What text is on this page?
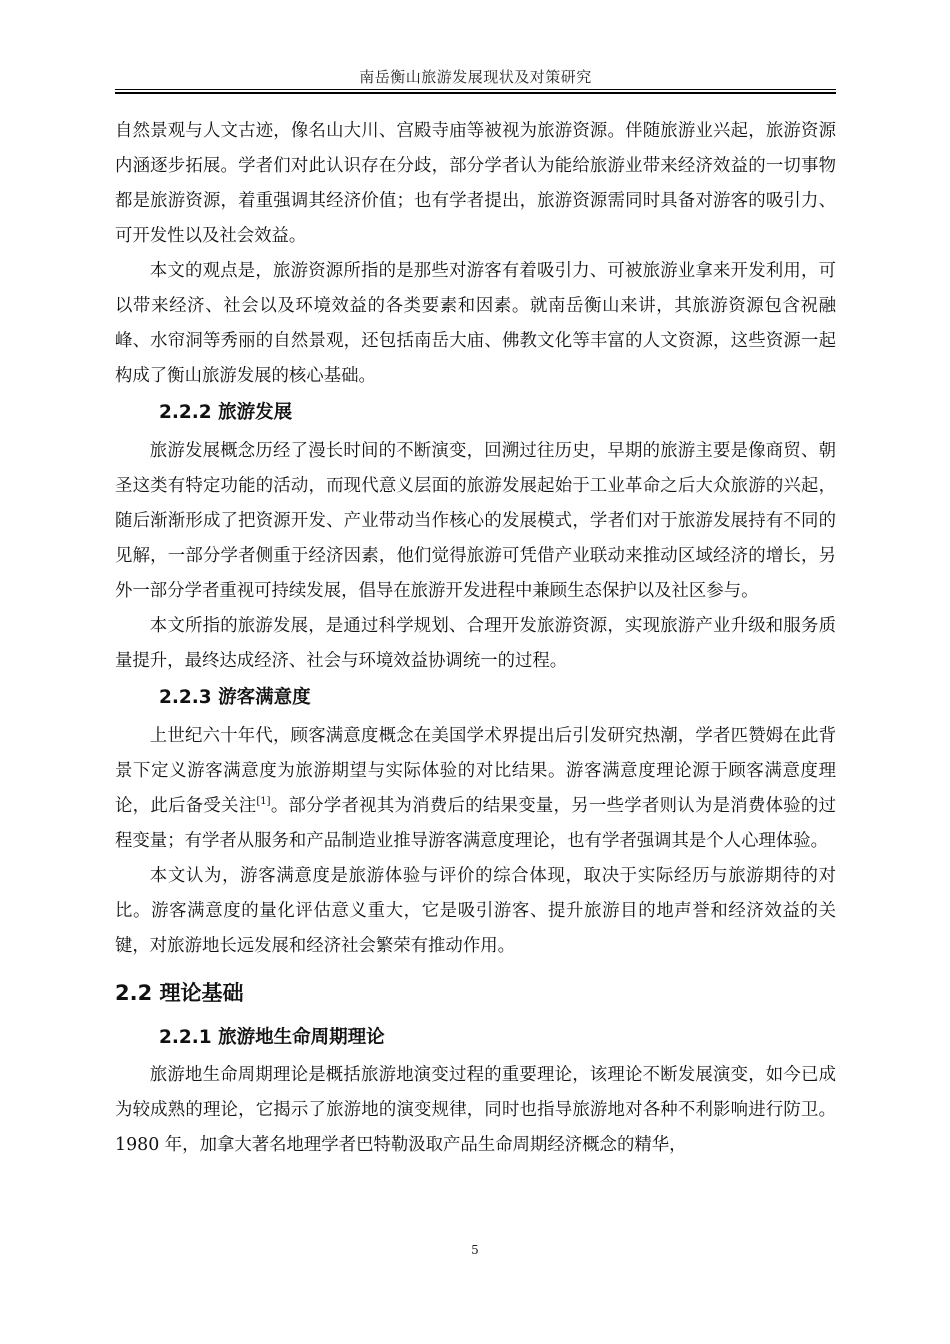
南岳衡山旅游发展现状及对策研究

自然景观与人文古迹，像名山大川、宫殿寺庙等被视为旅游资源。伴随旅游业兴起，旅游资源内涵逐步拓展。学者们对此认识存在分歧，部分学者认为能给旅游业带来经济效益的一切事物都是旅游资源，着重强调其经济价值；也有学者提出，旅游资源需同时具备对游客的吸引力、可开发性以及社会效益。

本文的观点是，旅游资源所指的是那些对游客有着吸引力、可被旅游业拿来开发利用，可以带来经济、社会以及环境效益的各类要素和因素。就南岳衡山来讲，其旅游资源包含祝融峰、水帘洞等秀丽的自然景观，还包括南岳大庙、佛教文化等丰富的人文资源，这些资源一起构成了衡山旅游发展的核心基础。

2.2.2 旅游发展

旅游发展概念历经了漫长时间的不断演变，回溯过往历史，早期的旅游主要是像商贸、朝圣这类有特定功能的活动，而现代意义层面的旅游发展起始于工业革命之后大众旅游的兴起，随后渐渐形成了把资源开发、产业带动当作核心的发展模式，学者们对于旅游发展持有不同的见解，一部分学者侧重于经济因素，他们觉得旅游可凭借产业联动来推动区域经济的增长，另外一部分学者重视可持续发展，倡导在旅游开发进程中兼顾生态保护以及社区参与。

本文所指的旅游发展，是通过科学规划、合理开发旅游资源，实现旅游产业升级和服务质量提升，最终达成经济、社会与环境效益协调统一的过程。

2.2.3 游客满意度

上世纪六十年代，顾客满意度概念在美国学术界提出后引发研究热潮，学者匹赞姆在此背景下定义游客满意度为旅游期望与实际体验的对比结果。游客满意度理论源于顾客满意度理论，此后备受关注[1]。部分学者视其为消费后的结果变量，另一些学者则认为是消费体验的过程变量；有学者从服务和产品制造业推导游客满意度理论，也有学者强调其是个人心理体验。

本文认为，游客满意度是旅游体验与评价的综合体现，取决于实际经历与旅游期待的对比。游客满意度的量化评估意义重大，它是吸引游客、提升旅游目的地声誉和经济效益的关键，对旅游地长远发展和经济社会繁荣有推动作用。

2.2 理论基础
2.2.1 旅游地生命周期理论

旅游地生命周期理论是概括旅游地演变过程的重要理论，该理论不断发展演变，如今已成为较成熟的理论，它揭示了旅游地的演变规律，同时也指导旅游地对各种不利影响进行防卫。1980 年，加拿大著名地理学者巴特勒汲取产品生命周期经济概念的精华，

5
